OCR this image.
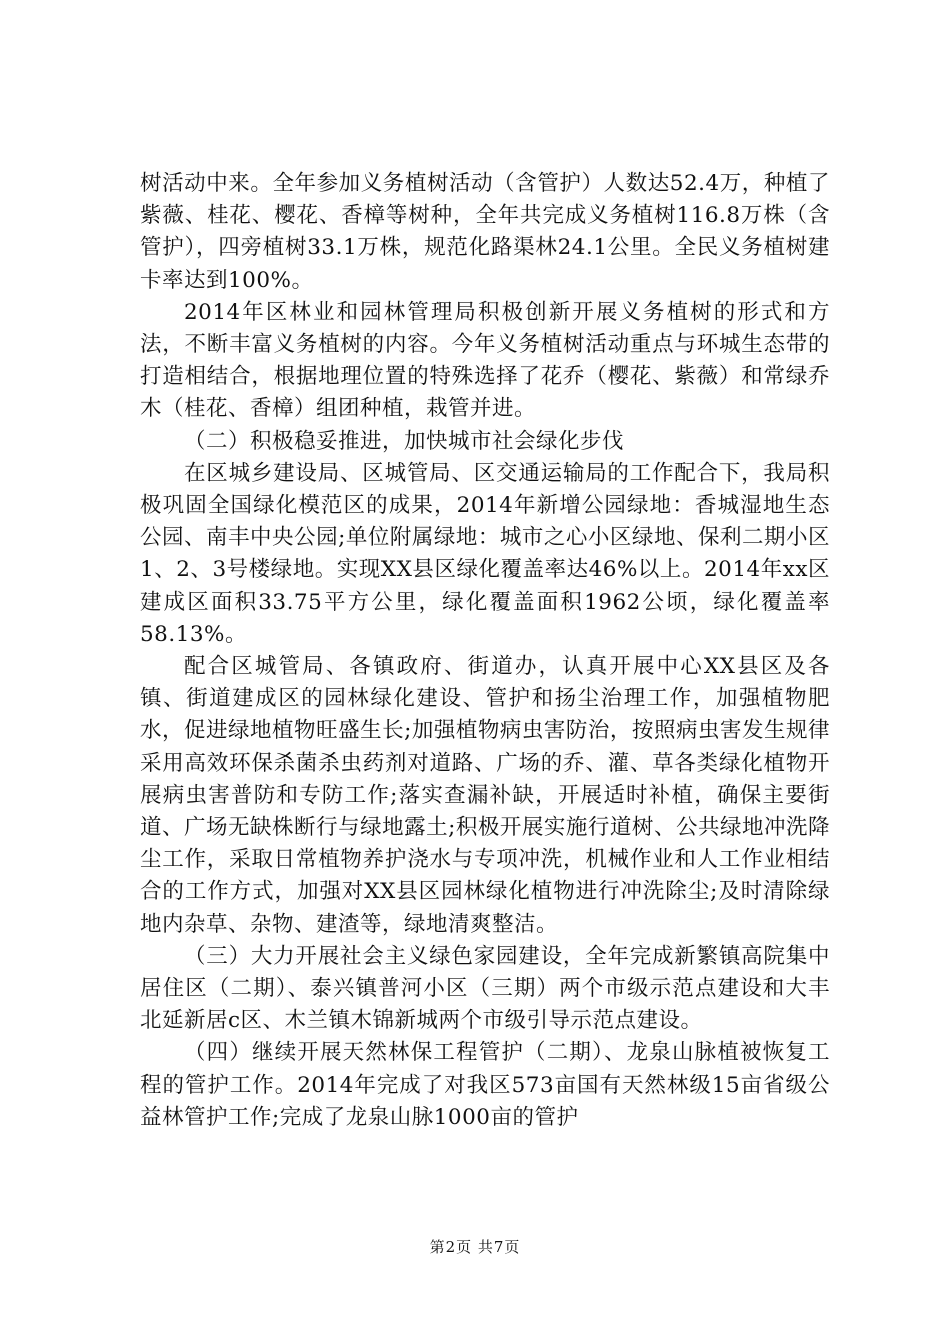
树活动中来。全年参加义务植树活动（含管护）人数达52.4万，种植了紫薇、桂花、樱花、香樟等树种，全年共完成义务植树116.8万株（含管护），四旁植树33.1万株，规范化路渠林24.1公里。全民义务植树建卡率达到100%。

2014年区林业和园林管理局积极创新开展义务植树的形式和方法，不断丰富义务植树的内容。今年义务植树活动重点与环城生态带的打造相结合，根据地理位置的特殊选择了花乔（樱花、紫薇）和常绿乔木（桂花、香樟）组团种植，栽管并进。

（二）积极稳妥推进，加快城市社会绿化步伐

在区城乡建设局、区城管局、区交通运输局的工作配合下，我局积极巩固全国绿化模范区的成果，2014年新增公园绿地：香城湿地生态公园、南丰中央公园;单位附属绿地：城市之心小区绿地、保利二期小区1、2、3号楼绿地。实现XX县区绿化覆盖率达46%以上。2014年xx区建成区面积33.75平方公里，绿化覆盖面积1962公顷，绿化覆盖率58.13%。

配合区城管局、各镇政府、街道办，认真开展中心XX县区及各镇、街道建成区的园林绿化建设、管护和扬尘治理工作，加强植物肥水，促进绿地植物旺盛生长;加强植物病虫害防治，按照病虫害发生规律采用高效环保杀菌杀虫药剂对道路、广场的乔、灌、草各类绿化植物开展病虫害普防和专防工作;落实查漏补缺，开展适时补植，确保主要街道、广场无缺株断行与绿地露土;积极开展实施行道树、公共绿地冲洗降尘工作，采取日常植物养护浇水与专项冲洗，机械作业和人工作业相结合的工作方式，加强对XX县区园林绿化植物进行冲洗除尘;及时清除绿地内杂草、杂物、建渣等，绿地清爽整洁。

（三）大力开展社会主义绿色家园建设，全年完成新繁镇高院集中居住区（二期）、泰兴镇普河小区（三期）两个市级示范点建设和大丰北延新居c区、木兰镇木锦新城两个市级引导示范点建设。

（四）继续开展天然林保工程管护（二期）、龙泉山脉植被恢复工程的管护工作。2014年完成了对我区573亩国有天然林级15亩省级公益林管护工作;完成了龙泉山脉1000亩的管护

第2页 共7页
